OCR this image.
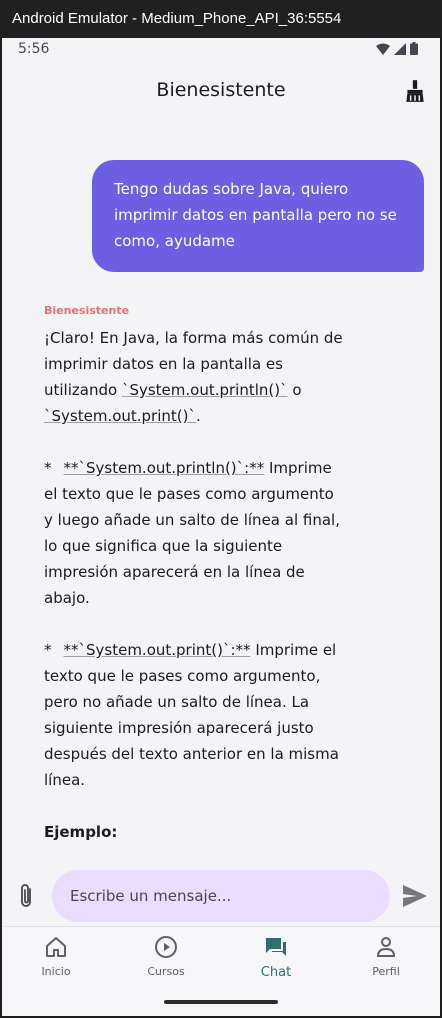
Android Emulator - Medium_Phone_API_36:5554
5:56
Bienesistente
Tengo dudas sobre Java, quiero imprimir datos en pantalla pero no se como, ayudame
Bienesistente

¡Claro! En Java, la forma más común de imprimir datos en la pantalla es utilizando `System.out.println()` o `System.out.print()`.

* **`System.out.println()`:** Imprime el texto que le pases como argumento y luego añade un salto de línea al final, lo que significa que la siguiente impresión aparecerá en la línea de abajo.

* **`System.out.print()`:** Imprime el texto que le pases como argumento, pero no añade un salto de línea. La siguiente impresión aparecerá justo después del texto anterior en la misma línea.

Ejemplo:

Escribe un mensaje...
Inicio	Cursos	Chat	Perfil
